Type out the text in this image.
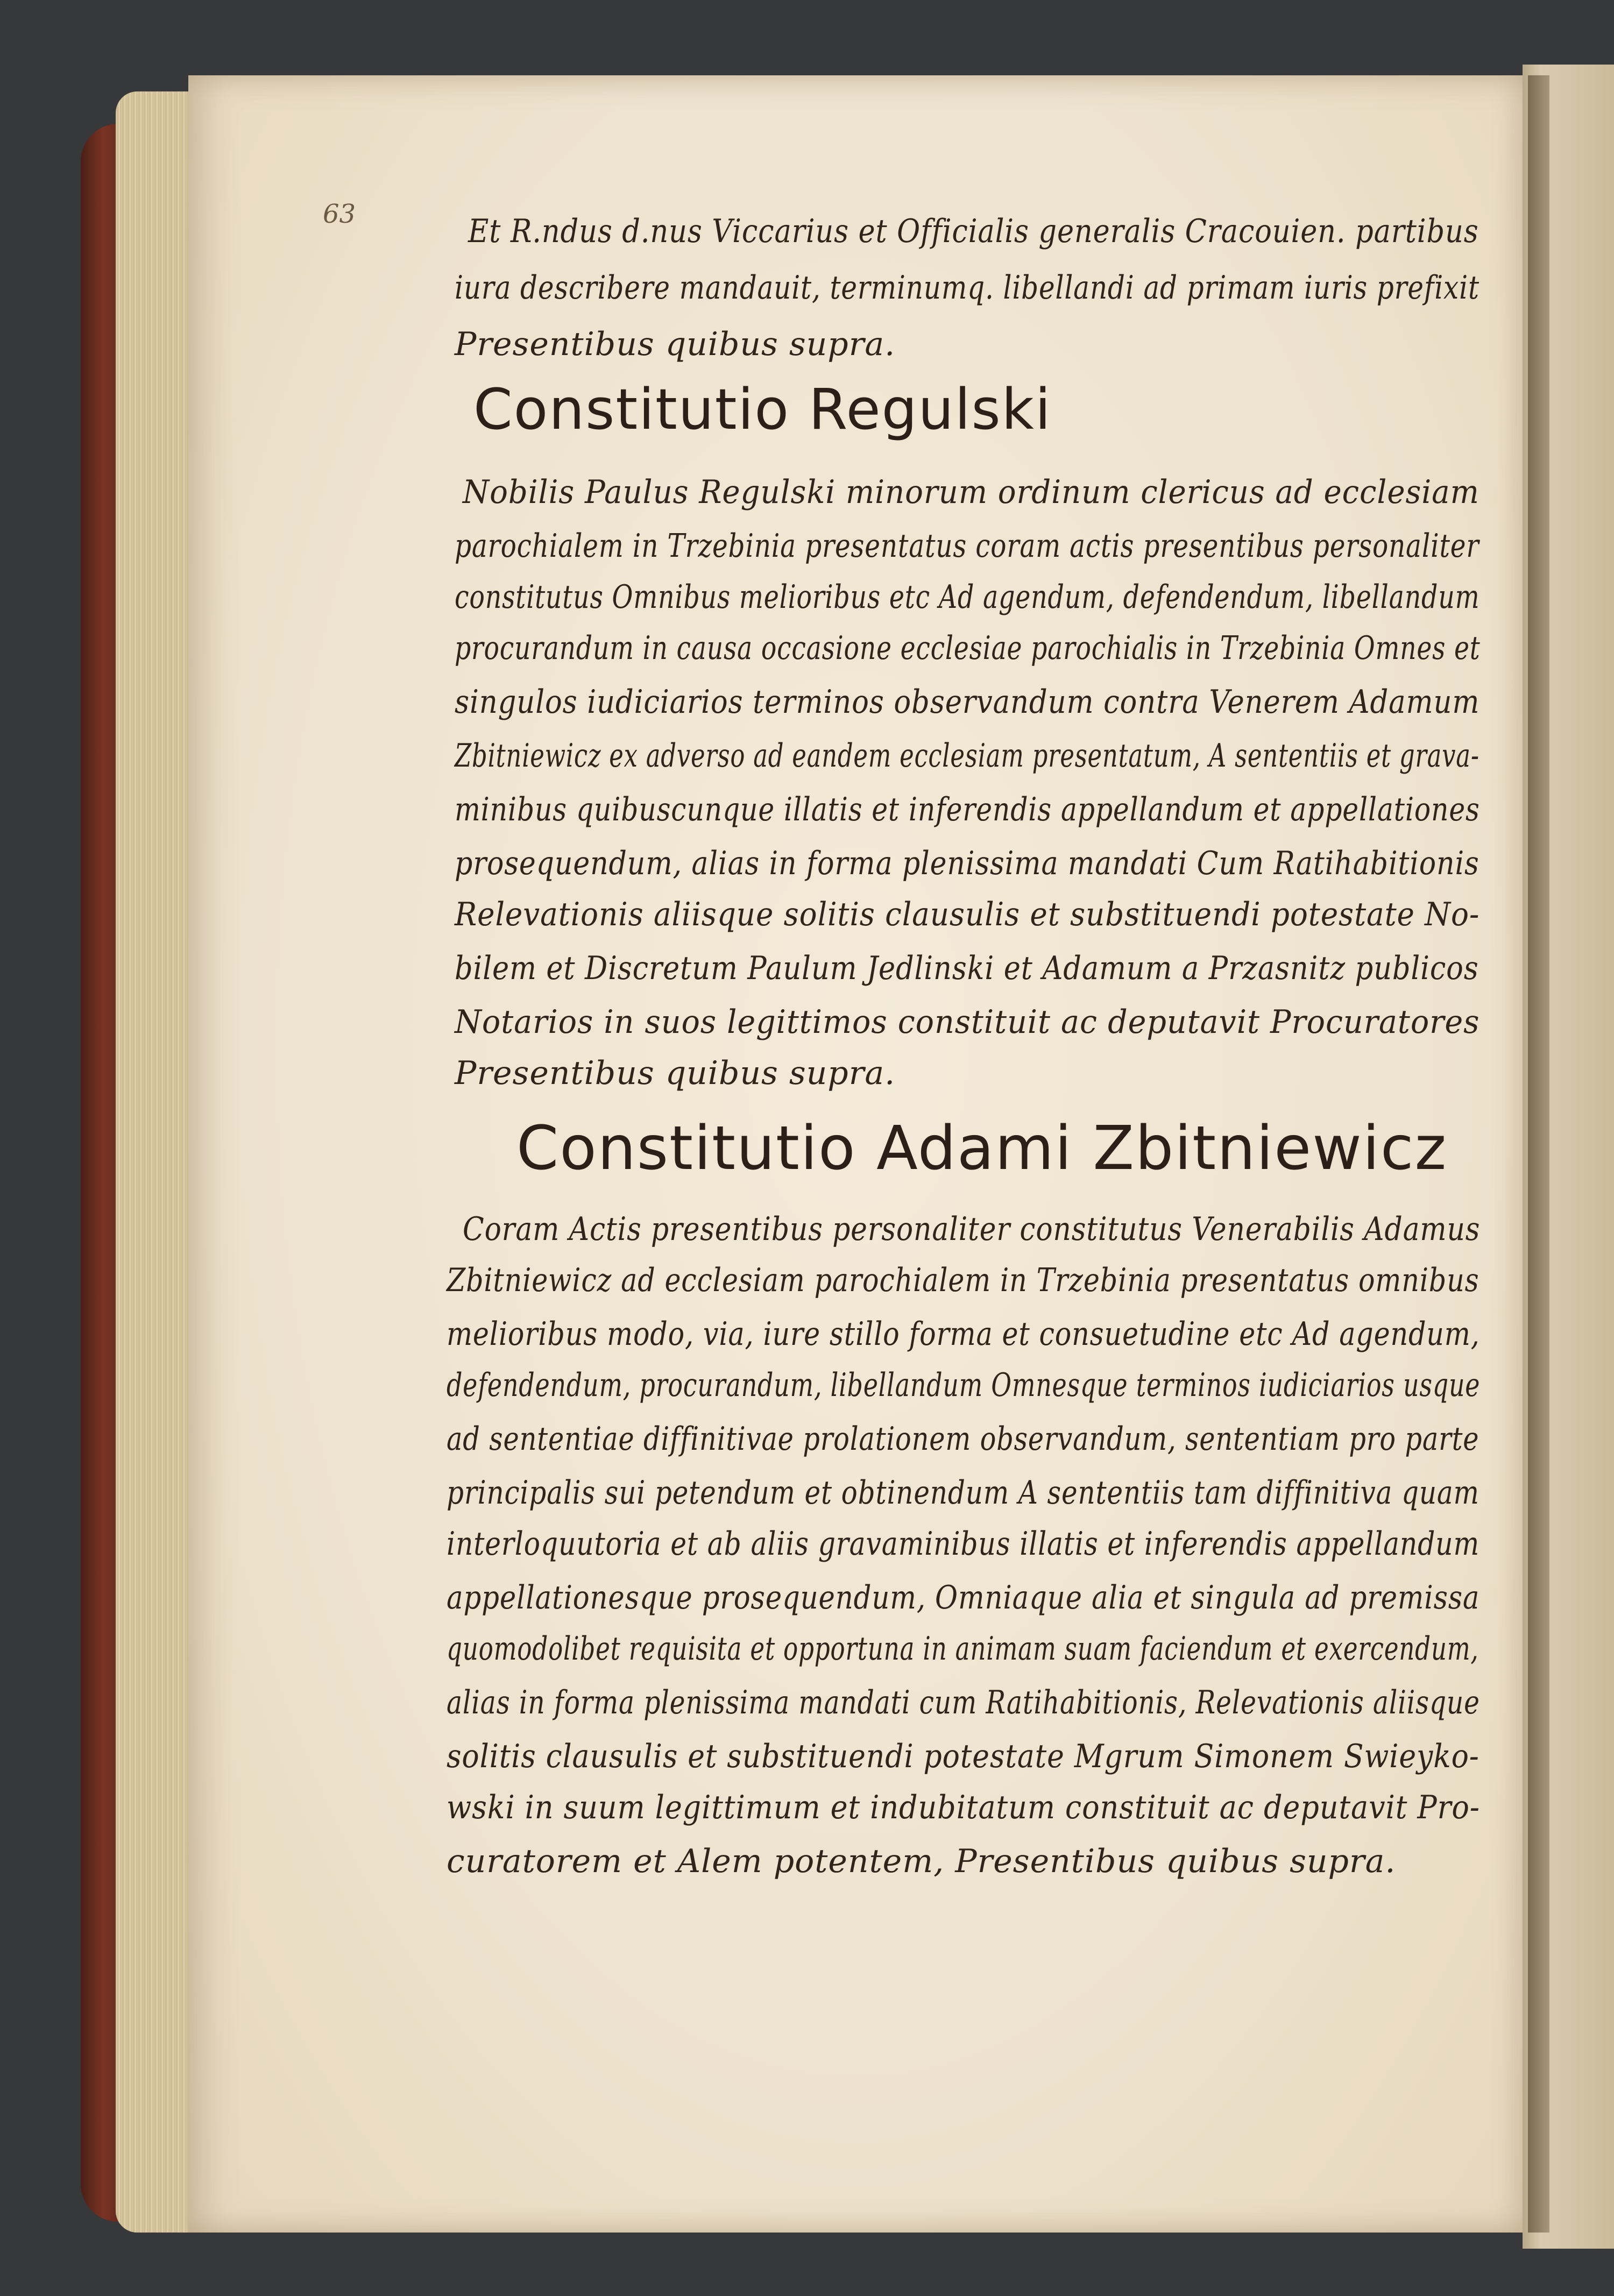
63	Et R.ndus d.nus Viccarius et Officialis generalis Cracouien. partibus
iura describere mandauit, terminumq. libellandi ad primam iuris prefixit
Presentibus quibus supra.
Constitutio Regulski
Nobilis Paulus Regulski minorum ordinum clericus ad ecclesiam
parochialem in Trzebinia presentatus coram actis presentibus personaliter
constitutus Omnibus melioribus etc Ad agendum, defendendum, libellandum
procurandum in causa occasione ecclesiae parochialis in Trzebinia Omnes et
singulos iudiciarios terminos observandum contra Venerem Adamum
Zbitniewicz ex adverso ad eandem ecclesiam presentatum, A sententiis et grava-
minibus quibuscunque illatis et inferendis appellandum et appellationes
prosequendum, alias in forma plenissima mandati Cum Ratihabitionis
Relevationis aliisque solitis clausulis et substituendi potestate No-
bilem et Discretum Paulum Jedlinski et Adamum a Przasnitz publicos
Notarios in suos legittimos constituit ac deputavit Procuratores
Presentibus quibus supra.
Constitutio Adami Zbitniewicz
Coram Actis presentibus personaliter constitutus Venerabilis Adamus
Zbitniewicz ad ecclesiam parochialem in Trzebinia presentatus omnibus
melioribus modo, via, iure stillo forma et consuetudine etc Ad agendum,
defendendum, procurandum, libellandum Omnesque terminos iudiciarios usque
ad sententiae diffinitivae prolationem observandum, sententiam pro parte
principalis sui petendum et obtinendum A sententiis tam diffinitiva quam
interloquutoria et ab aliis gravaminibus illatis et inferendis appellandum
appellationesque prosequendum, Omniaque alia et singula ad premissa
quomodolibet requisita et opportuna in animam suam faciendum et exercendum,
alias in forma plenissima mandati cum Ratihabitionis, Relevationis aliisque
solitis clausulis et substituendi potestate Mgrum Simonem Swieyko-
wski in suum legittimum et indubitatum constituit ac deputavit Pro-
curatorem et Alem potentem, Presentibus quibus supra.
